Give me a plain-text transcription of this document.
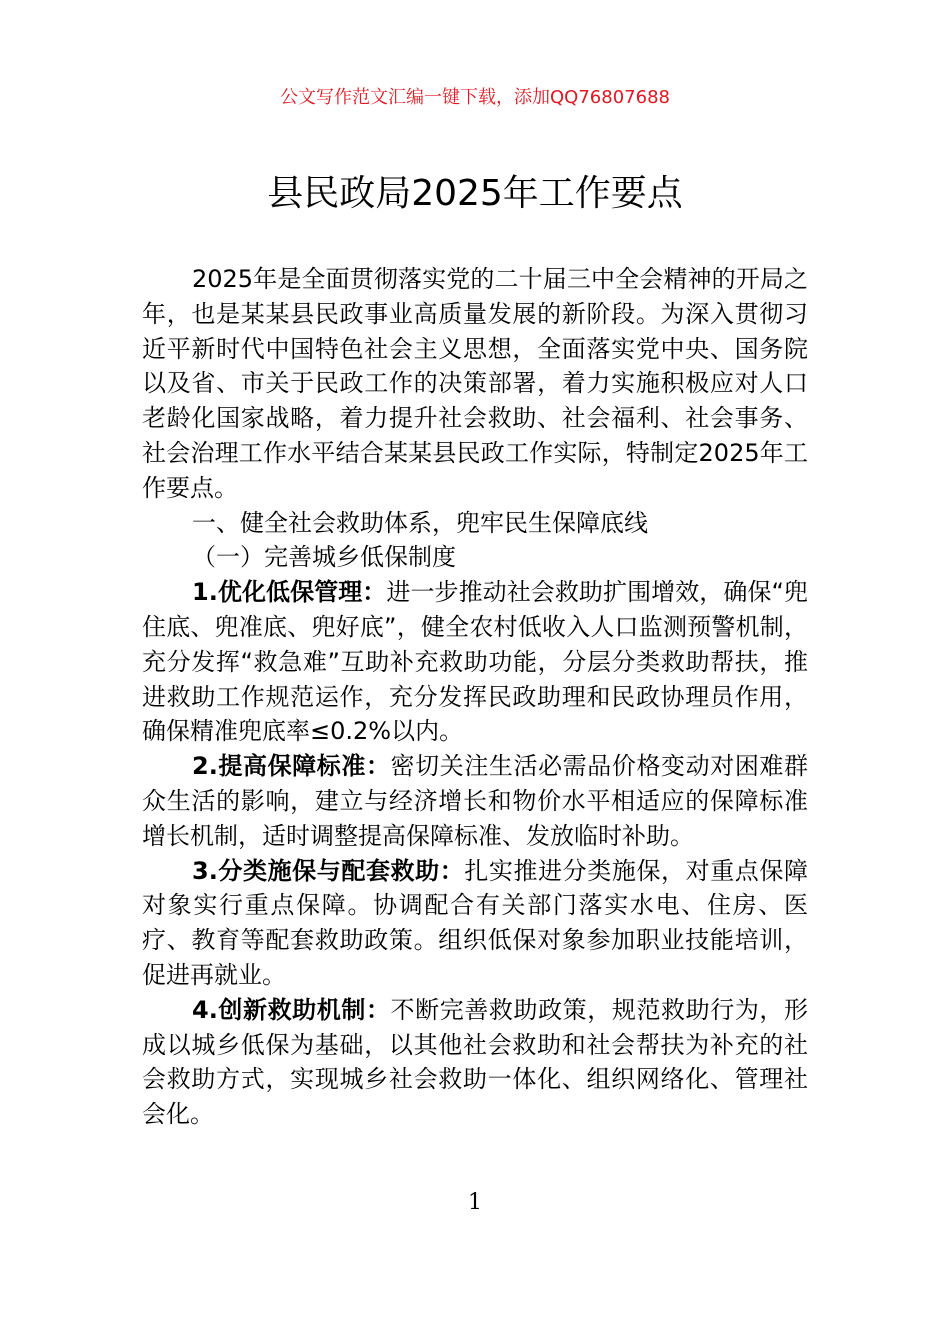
公文写作范文汇编一键下载，添加QQ76807688
县民政局2025年工作要点

2025年是全面贯彻落实党的二十届三中全会精神的开局之年，也是某某县民政事业高质量发展的新阶段。为深入贯彻习近平新时代中国特色社会主义思想，全面落实党中央、国务院以及省、市关于民政工作的决策部署，着力实施积极应对人口老龄化国家战略，着力提升社会救助、社会福利、社会事务、社会治理工作水平结合某某县民政工作实际，特制定2025年工作要点。

一、健全社会救助体系，兜牢民生保障底线

（一）完善城乡低保制度

1.优化低保管理：进一步推动社会救助扩围增效，确保“兜住底、兜准底、兜好底”，健全农村低收入人口监测预警机制，充分发挥“救急难”互助补充救助功能，分层分类救助帮扶，推进救助工作规范运作，充分发挥民政助理和民政协理员作用，确保精准兜底率≤0.2%以内。

2.提高保障标准：密切关注生活必需品价格变动对困难群众生活的影响，建立与经济增长和物价水平相适应的保障标准增长机制，适时调整提高保障标准、发放临时补助。

3.分类施保与配套救助：扎实推进分类施保，对重点保障对象实行重点保障。协调配合有关部门落实水电、住房、医疗、教育等配套救助政策。组织低保对象参加职业技能培训，促进再就业。

4.创新救助机制：不断完善救助政策，规范救助行为，形成以城乡低保为基础，以其他社会救助和社会帮扶为补充的社会救助方式，实现城乡社会救助一体化、组织网络化、管理社会化。

1
